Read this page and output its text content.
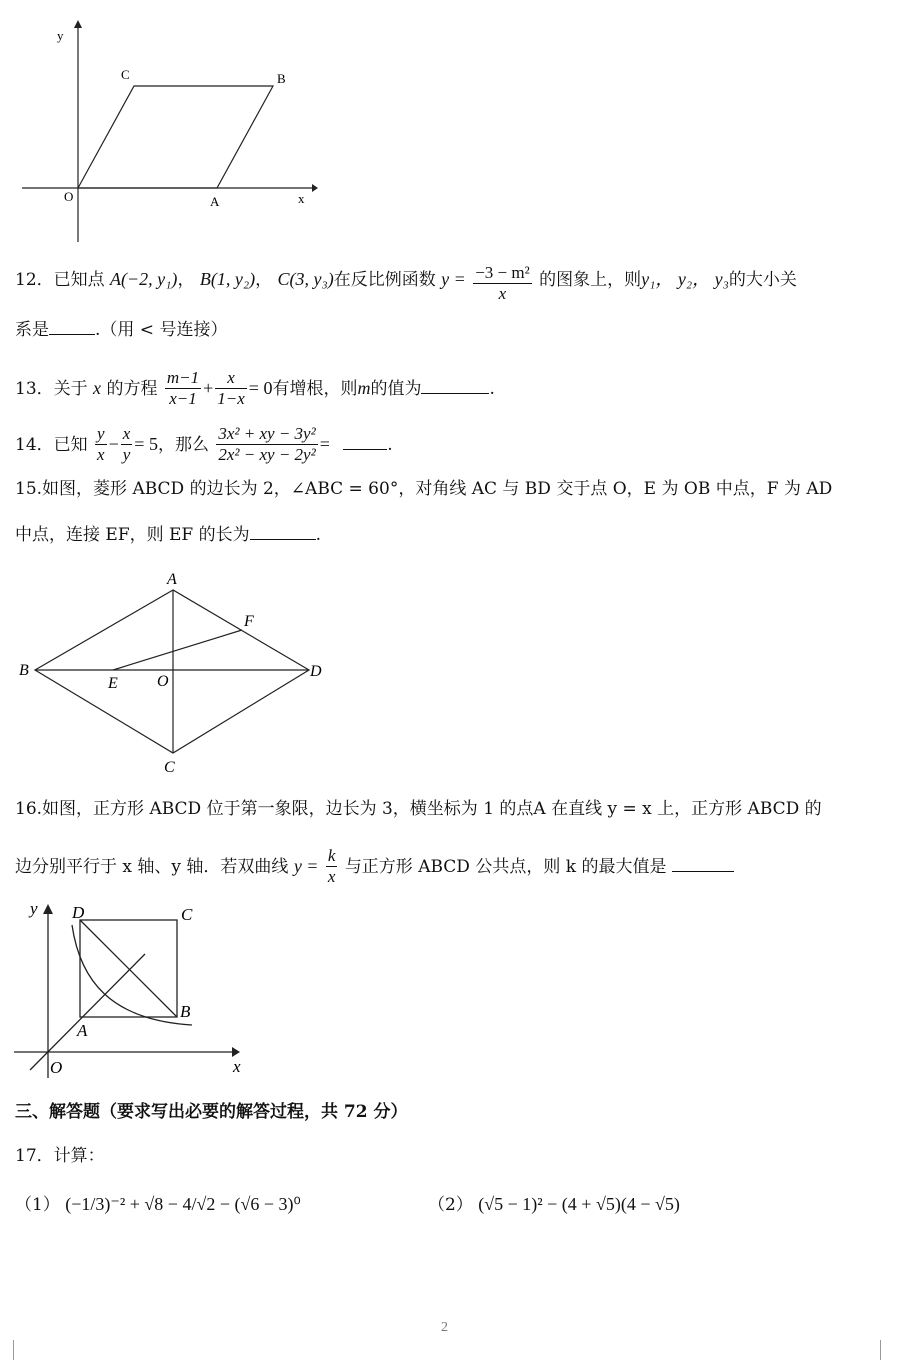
y
x
O	A
B
C
12．已知点 A(−2, y₁)， B(1, y₂)， C(3, y₃)在反比例函数 $y = \frac{\text{−3 − m²}}{x}$ 的图象上，则y₁， y₂， y₃的大小关
系是	.（用 < 号连接）
13．关于 x 的方程 $\frac{m-1}{x-1} + \frac{x}{1-x} = 0$有增根，则m的值为	.
14．已知 $\frac{y}{x} - \frac{x}{y} = 5$，那么 $\frac{\text{3x² + xy − 3y²}}{\text{2x² − xy − 2y²}}$ =	.
15.如图，菱形 ABCD 的边长为 2，∠ABC = 60°，对角线 AC 与 BD 交于点 O，E 为 OB 中点，F 为 AD
中点，连接 EF，则 EF 的长为	.
A
B
C
D
E
F
O
16.如图，正方形 ABCD 位于第一象限，边长为 3，横坐标为 1 的点A 在直线 y = x 上，正方形 ABCD 的
边分别平行于 x 轴、y 轴．若双曲线 $y = \frac{k}{x}$ 与正方形 ABCD 公共点，则 k 的最大值是
y
x
O
A
B
C
D
三、解答题（要求写出必要的解答过程，共 72 分）
17．计算：
（1） (−1/3)⁻² + √8 − 4/√2 − (√6 − 3)⁰	（2） (√5 − 1)² − (4 + √5)(4 − √5)
2
